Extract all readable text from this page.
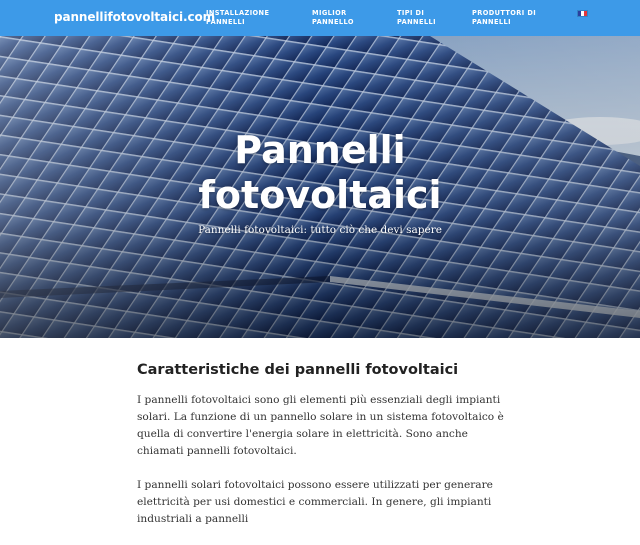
pannellifotovoltaici.com
INSTALLAZIONE
PANNELLI
MIGLIOR
PANNELLO
TIPI DI
PANNELLI
PRODUTTORI DI
PANNELLI
Pannelli
fotovoltaici

Pannelli fotovoltaici: tutto ciò che devi sapere

Caratteristiche dei pannelli fotovoltaici

I pannelli fotovoltaici sono gli elementi più essenziali degli impianti solari. La funzione di un pannello solare in un sistema fotovoltaico è quella di convertire l'energia solare in elettricità. Sono anche chiamati pannelli fotovoltaici.

I pannelli solari fotovoltaici possono essere utilizzati per generare elettricità per usi domestici e commerciali. In genere, gli impianti industriali a pannelli
